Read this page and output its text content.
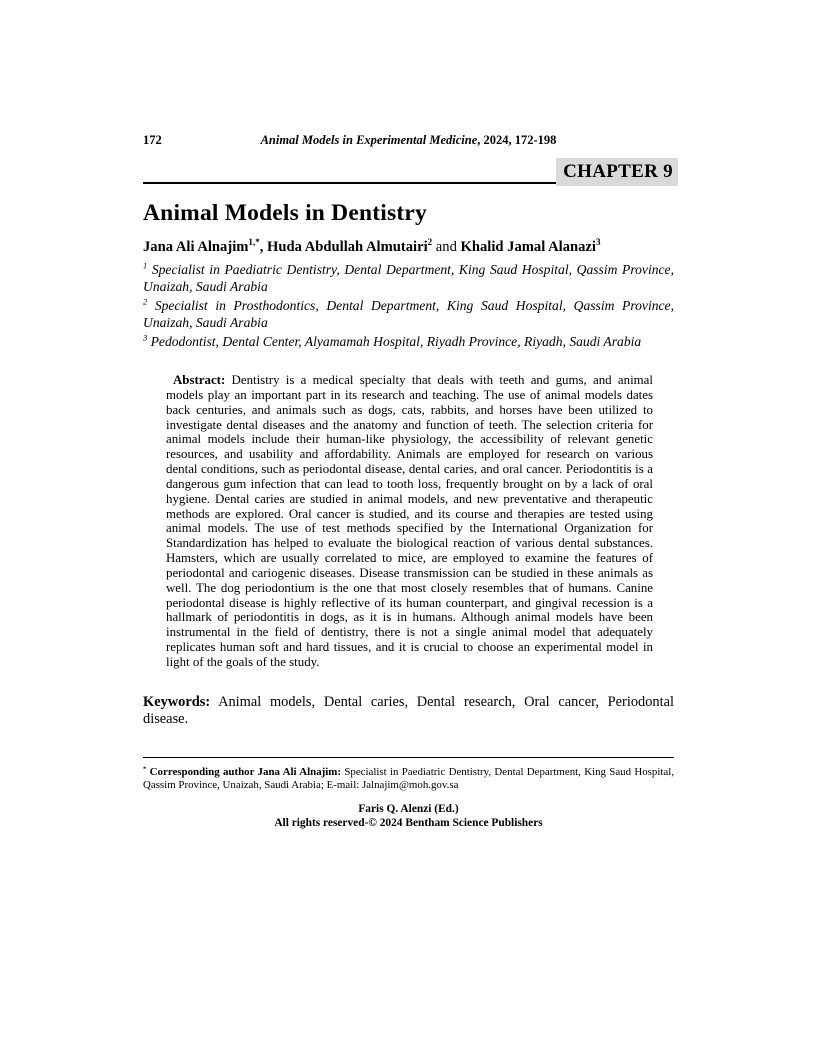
172	Animal Models in Experimental Medicine, 2024, 172-198
CHAPTER 9
Animal Models in Dentistry
Jana Ali Alnajim$^{1,*}$, Huda Abdullah Almutairi$^2$ and Khalid Jamal Alanazi$^3$

$^1$ Specialist in Paediatric Dentistry, Dental Department, King Saud Hospital, Qassim Province, Unaizah, Saudi Arabia

$^2$ Specialist in Prosthodontics, Dental Department, King Saud Hospital, Qassim Province, Unaizah, Saudi Arabia

$^3$ Pedodontist, Dental Center, Alyamamah Hospital, Riyadh Province, Riyadh, Saudi Arabia

Abstract: Dentistry is a medical specialty that deals with teeth and gums, and animal models play an important part in its research and teaching. The use of animal models dates back centuries, and animals such as dogs, cats, rabbits, and horses have been utilized to investigate dental diseases and the anatomy and function of teeth. The selection criteria for animal models include their human-like physiology, the accessibility of relevant genetic resources, and usability and affordability. Animals are employed for research on various dental conditions, such as periodontal disease, dental caries, and oral cancer. Periodontitis is a dangerous gum infection that can lead to tooth loss, frequently brought on by a lack of oral hygiene. Dental caries are studied in animal models, and new preventative and therapeutic methods are explored. Oral cancer is studied, and its course and therapies are tested using animal models. The use of test methods specified by the International Organization for Standardization has helped to evaluate the biological reaction of various dental substances. Hamsters, which are usually correlated to mice, are employed to examine the features of periodontal and cariogenic diseases. Disease transmission can be studied in these animals as well. The dog periodontium is the one that most closely resembles that of humans. Canine periodontal disease is highly reflective of its human counterpart, and gingival recession is a hallmark of periodontitis in dogs, as it is in humans. Although animal models have been instrumental in the field of dentistry, there is not a single animal model that adequately replicates human soft and hard tissues, and it is crucial to choose an experimental model in light of the goals of the study.

Keywords: Animal models, Dental caries, Dental research, Oral cancer, Periodontal disease.

* Corresponding author Jana Ali Alnajim: Specialist in Paediatric Dentistry, Dental Department, King Saud Hospital, Qassim Province, Unaizah, Saudi Arabia; E-mail: Jalnajim@moh.gov.sa

Faris Q. Alenzi (Ed.)
All rights reserved-© 2024 Bentham Science Publishers
